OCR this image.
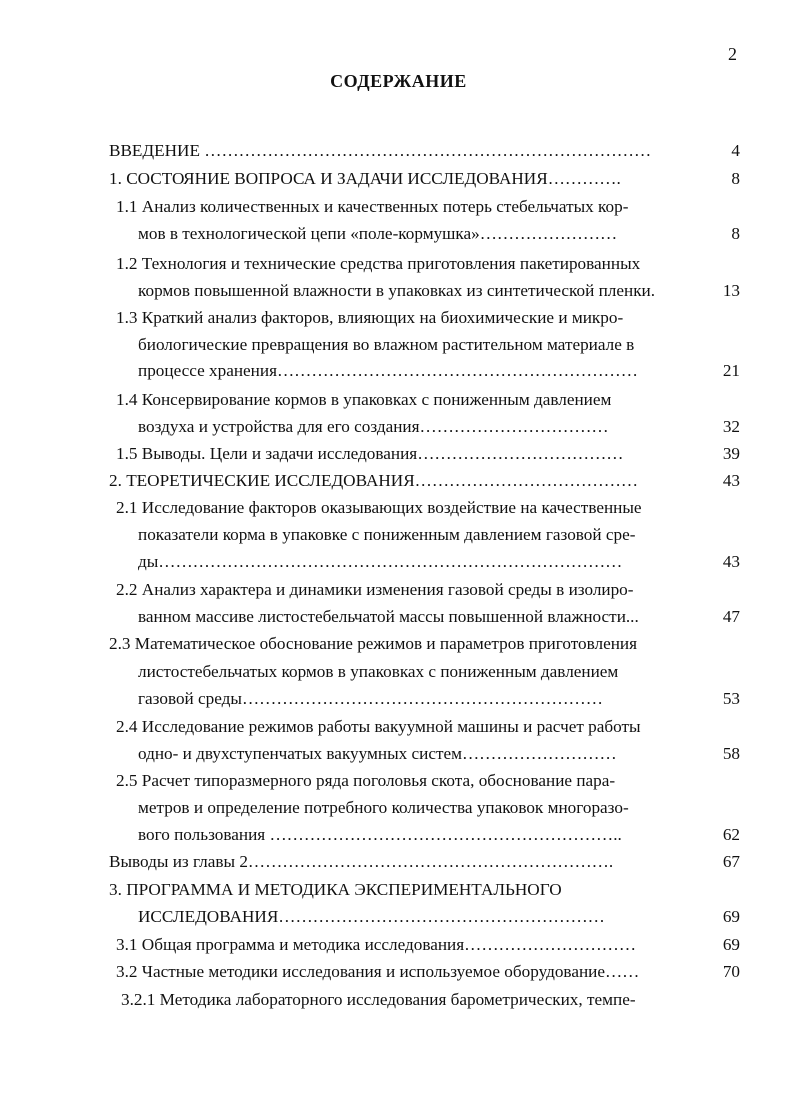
2
СОДЕРЖАНИЕ
ВВЕДЕНИЕ ……………………………………………………………………	4
1. СОСТОЯНИЕ ВОПРОСА И ЗАДАЧИ ИССЛЕДОВАНИЯ………….	8
1.1 Анализ количественных и качественных потерь стебельчатых кор-
мов в технологической цепи «поле-кормушка»……………………	8
1.2 Технология и технические средства приготовления пакетированных
кормов повышенной влажности в упаковках из синтетической пленки.	13
1.3 Краткий анализ факторов, влияющих на биохимические и микро-
биологические превращения во влажном растительном материале в
процессе хранения………………………………………………………	21
1.4 Консервирование кормов в упаковках с пониженным давлением
воздуха и устройства для его создания……………………………	32
1.5 Выводы. Цели и задачи исследования………………………………	39
2. ТЕОРЕТИЧЕСКИЕ ИССЛЕДОВАНИЯ…………………………………	43
2.1 Исследование факторов оказывающих воздействие на качественные
показатели корма в упаковке с пониженным давлением газовой сре-
ды………………………………………………………………………	43
2.2 Анализ характера и динамики изменения газовой среды в изолиро-
ванном массиве листостебельчатой массы повышенной влажности...	47
2.3 Математическое обоснование режимов и параметров приготовления
листостебельчатых кормов в упаковках с пониженным давлением
газовой среды………………………………………………………	53
2.4 Исследование режимов работы вакуумной машины и расчет работы
одно- и двухступенчатых вакуумных систем………………………	58
2.5 Расчет типоразмерного ряда поголовья скота, обоснование пара-
метров и определение потребного количества упаковок многоразо-
вого пользования ……………………………………………………..	62
Выводы из главы 2……………………………………………………….	67
3. ПРОГРАММА И МЕТОДИКА ЭКСПЕРИМЕНТАЛЬНОГО
ИССЛЕДОВАНИЯ…………………………………………………	69
3.1 Общая программа и методика исследования…………………………	69
3.2 Частные методики исследования и используемое оборудование……	70
3.2.1 Методика лабораторного исследования барометрических, темпе-
